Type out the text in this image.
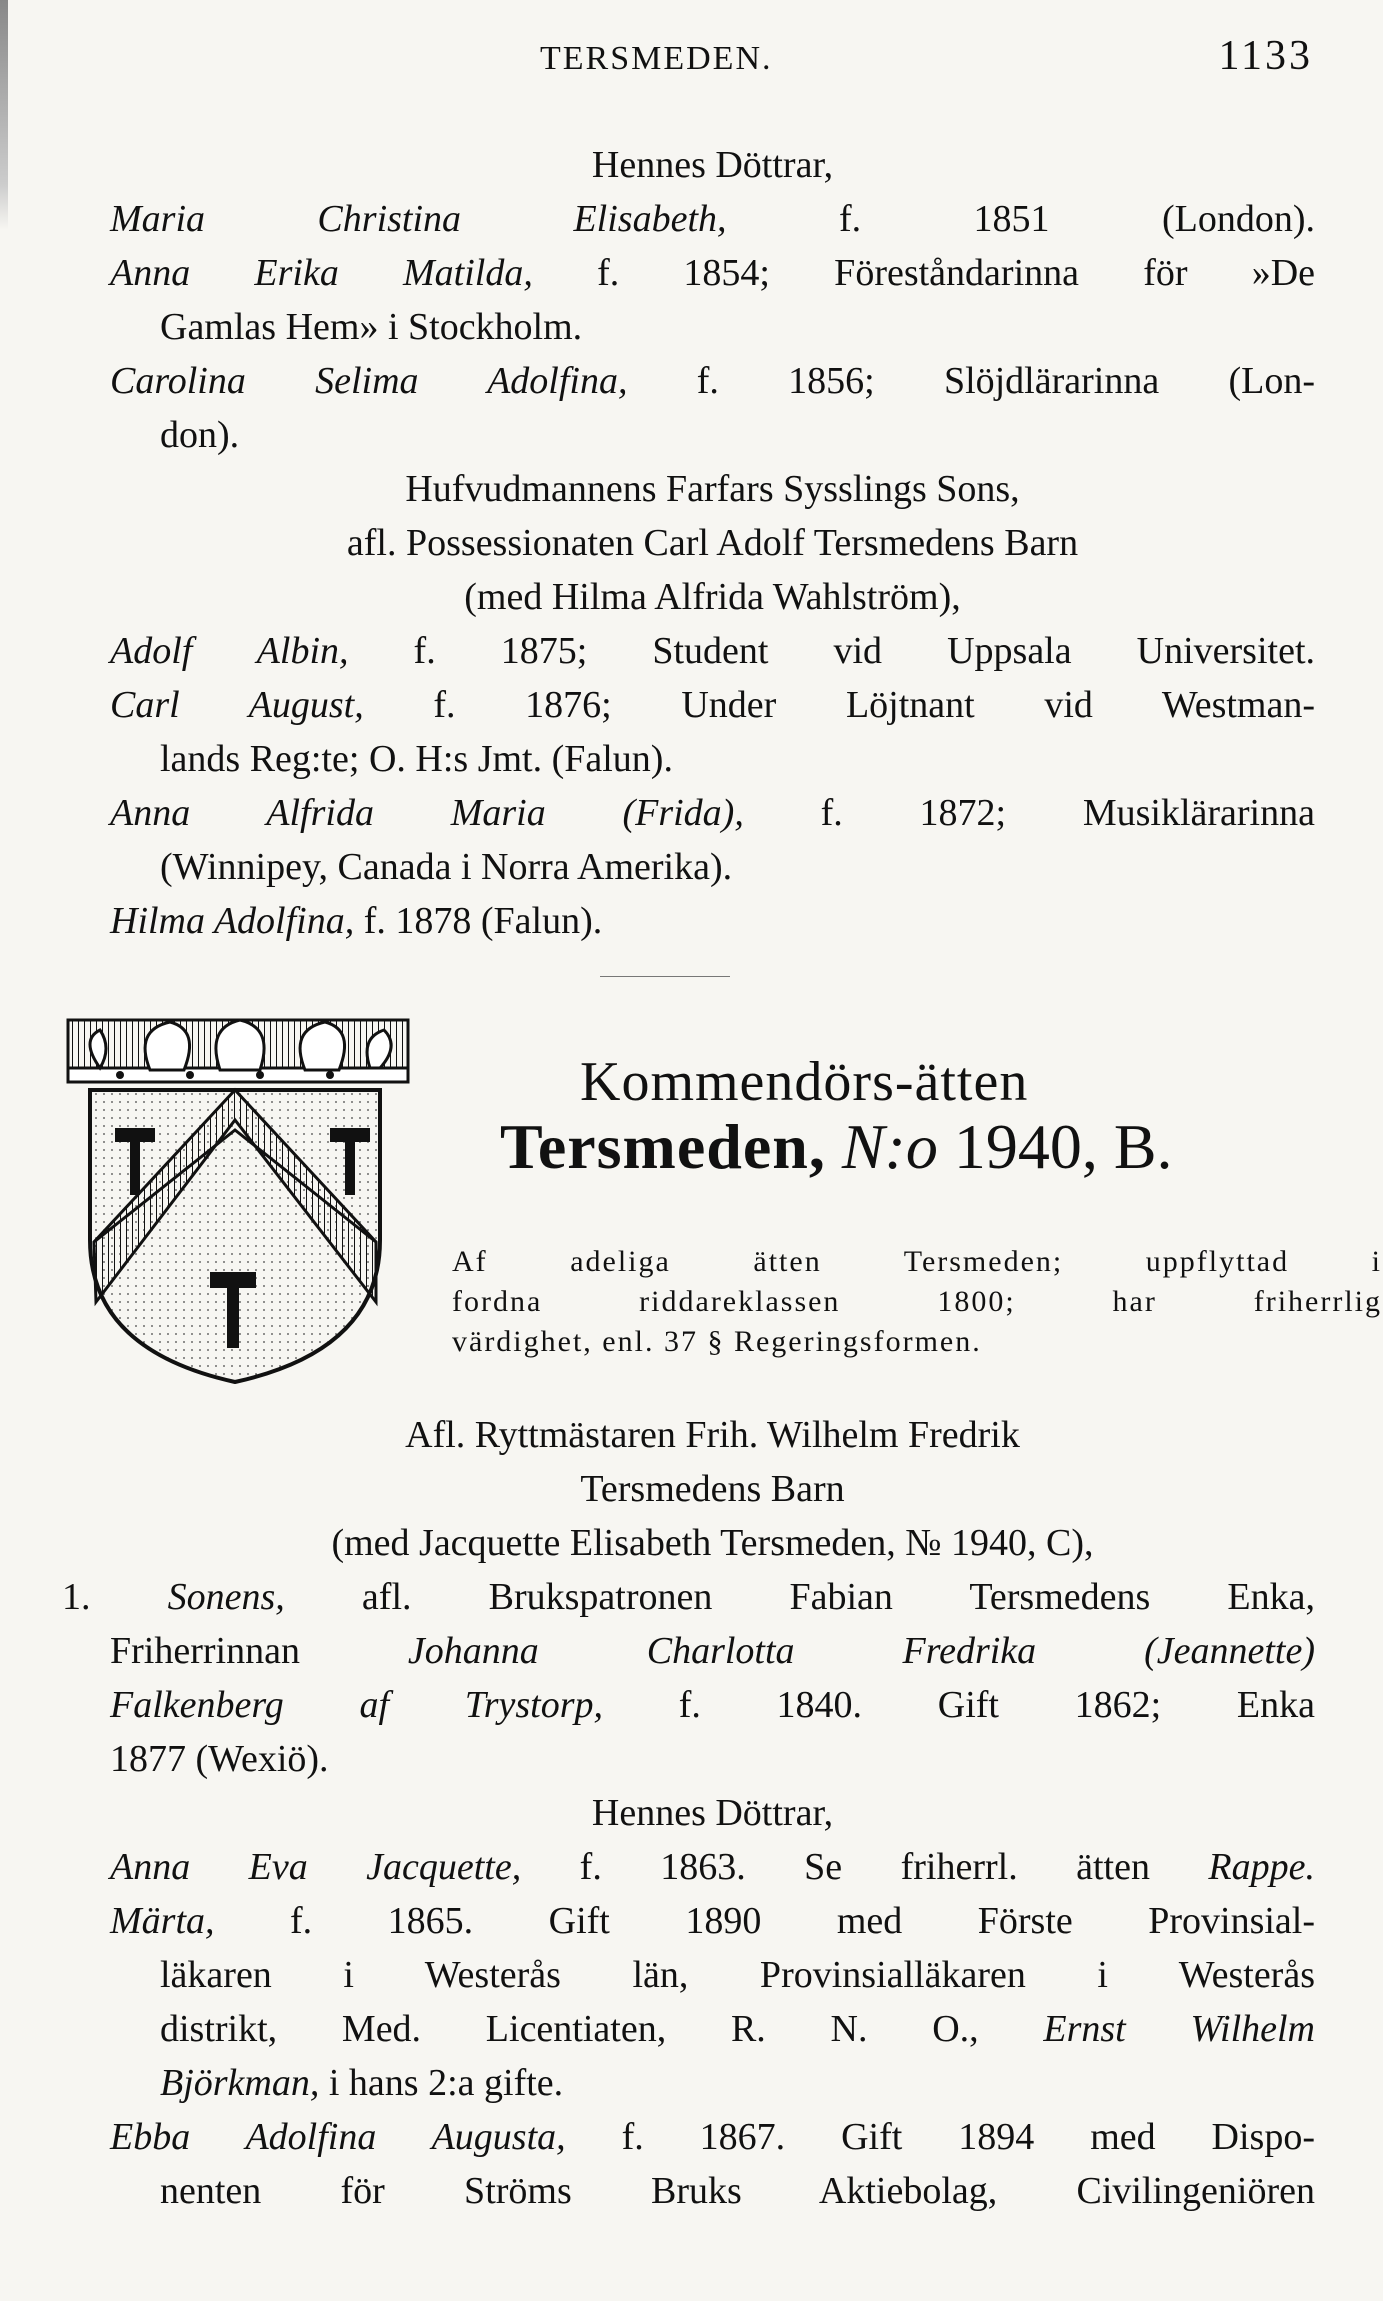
TERSMEDEN.	1133

Hennes Döttrar,

Maria Christina Elisabeth, f. 1851 (London).

Anna Erika Matilda, f. 1854; Föreståndarinna för »De

Gamlas Hem» i Stockholm.

Carolina Selima Adolfina, f. 1856; Slöjdlärarinna (Lon-

don).

Hufvudmannens Farfars Sysslings Sons,

afl. Possessionaten Carl Adolf Tersmedens Barn

(med Hilma Alfrida Wahlström),

Adolf Albin, f. 1875; Student vid Uppsala Universitet.

Carl August, f. 1876; Under Löjtnant vid Westman-

lands Reg:te; O. H:s Jmt. (Falun).

Anna Alfrida Maria (Frida), f. 1872; Musiklärarinna

(Winnipey, Canada i Norra Amerika).

Hilma Adolfina, f. 1878 (Falun).

Kommendörs-ätten
Tersmeden, N:o 1940, B.

Af adeliga ätten Tersmeden; uppflyttad i

fordna riddareklassen 1800; har friherrlig

värdighet, enl. 37 § Regeringsformen.

Afl. Ryttmästaren Frih. Wilhelm Fredrik

Tersmedens Barn

(med Jacquette Elisabeth Tersmeden, № 1940, C),

1. Sonens, afl. Brukspatronen Fabian Tersmedens Enka,

Friherrinnan Johanna Charlotta Fredrika (Jeannette)

Falkenberg af Trystorp, f. 1840. Gift 1862; Enka

1877 (Wexiö).

Hennes Döttrar,

Anna Eva Jacquette, f. 1863. Se friherrl. ätten Rappe.

Märta, f. 1865. Gift 1890 med Förste Provinsial-

läkaren i Westerås län, Provinsialläkaren i Westerås

distrikt, Med. Licentiaten, R. N. O., Ernst Wilhelm

Björkman, i hans 2:a gifte.

Ebba Adolfina Augusta, f. 1867. Gift 1894 med Dispo-

nenten för Ströms Bruks Aktiebolag, Civilingeniören
